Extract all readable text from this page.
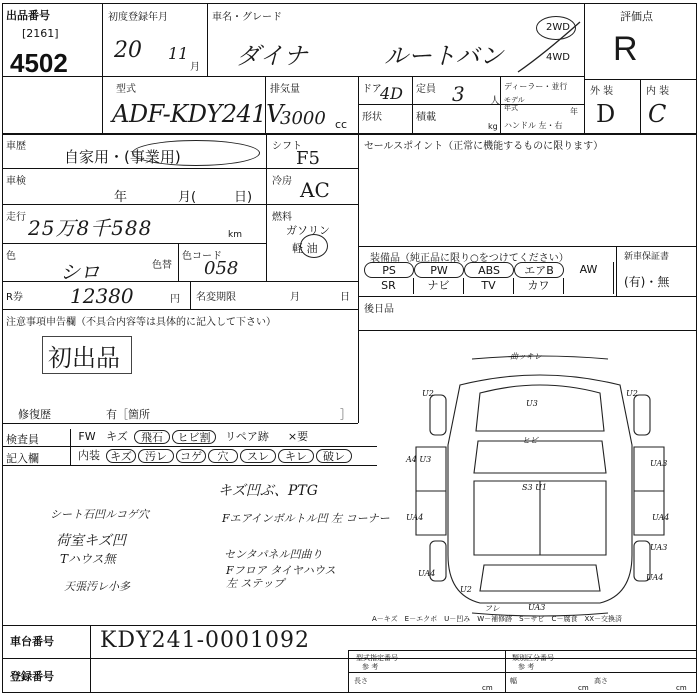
出品番号
[2161]
4502
初度登録年月
20 11
月
車名・グレード
ダイナ	ルートバン
2WD
4WD
評価点
R
型式
ADF-KDY241V
排気量
3000 cc
ドア
4D
形状
定員 3	人
積載
kg
ディーラー・並行
モデル年式	年
ハンドル 左・右
外 装	内 装
D C
車歴
自家用・(事業用)
シフト
F5
車検
年	月(	日)
冷房 AC
走行 25万8千588	km
燃料
ガソリン
軽 油
色
シロ	色替
色コード
058
R券 12380	円 名変期限	月	日
セールスポイント（正常に機能するものに限ります）
装備品（純正品に限り○をつけてください）	新車保証書
(有)・無
後日品
PS	PW	ABS	エアB	AW
SR	ナビ	TV	カワ
注意事項申告欄（不具合内容等は具体的に記入して下さい）
初出品
修復歴	有［箇所	］
検査員
記入欄
FW キズ	飛石	ヒビ割	リペア跡	×要
内装 キズ	汚レ	コゲ	穴	スレ	キレ	破レ
キズ凹ぶ、PTG
シート石凹ルコゲ穴
荷室キズ凹
Tハウス無
天張汚レ小多
Fエアインボルトル凹 左 コーナー
センタパネル凹曲り
Fフロア タイヤハウス 左 ステップ
曲ッキレ
U2
U3
U2
ヒビ
A4 U3	UA3
S3 U1
UA4	UA4
UA4	UA4
UA3
U2
フレ	UA3
A－キズ　E－エクボ　U－凹み　W－補修跡　S－サビ　C－腐食　XX－交換済
車台番号 KDY241-0001092
登録番号
型式指定番号
参 考
類別区分番号
参 考
長さ
cm
幅
cm
高さ
cm
